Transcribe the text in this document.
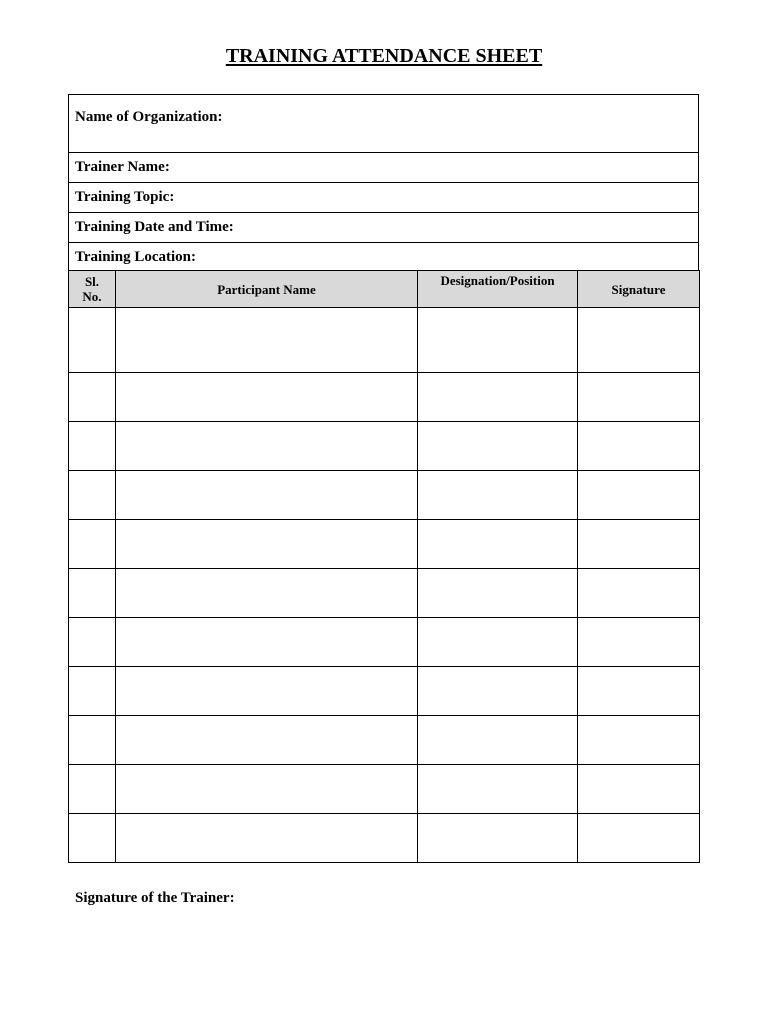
TRAINING ATTENDANCE SHEET
Name of Organization:
Trainer Name:
Training Topic:
Training Date and Time:
Training Location:
Sl.
No.	Participant Name	Designation/Position	Signature

Signature of the Trainer:
